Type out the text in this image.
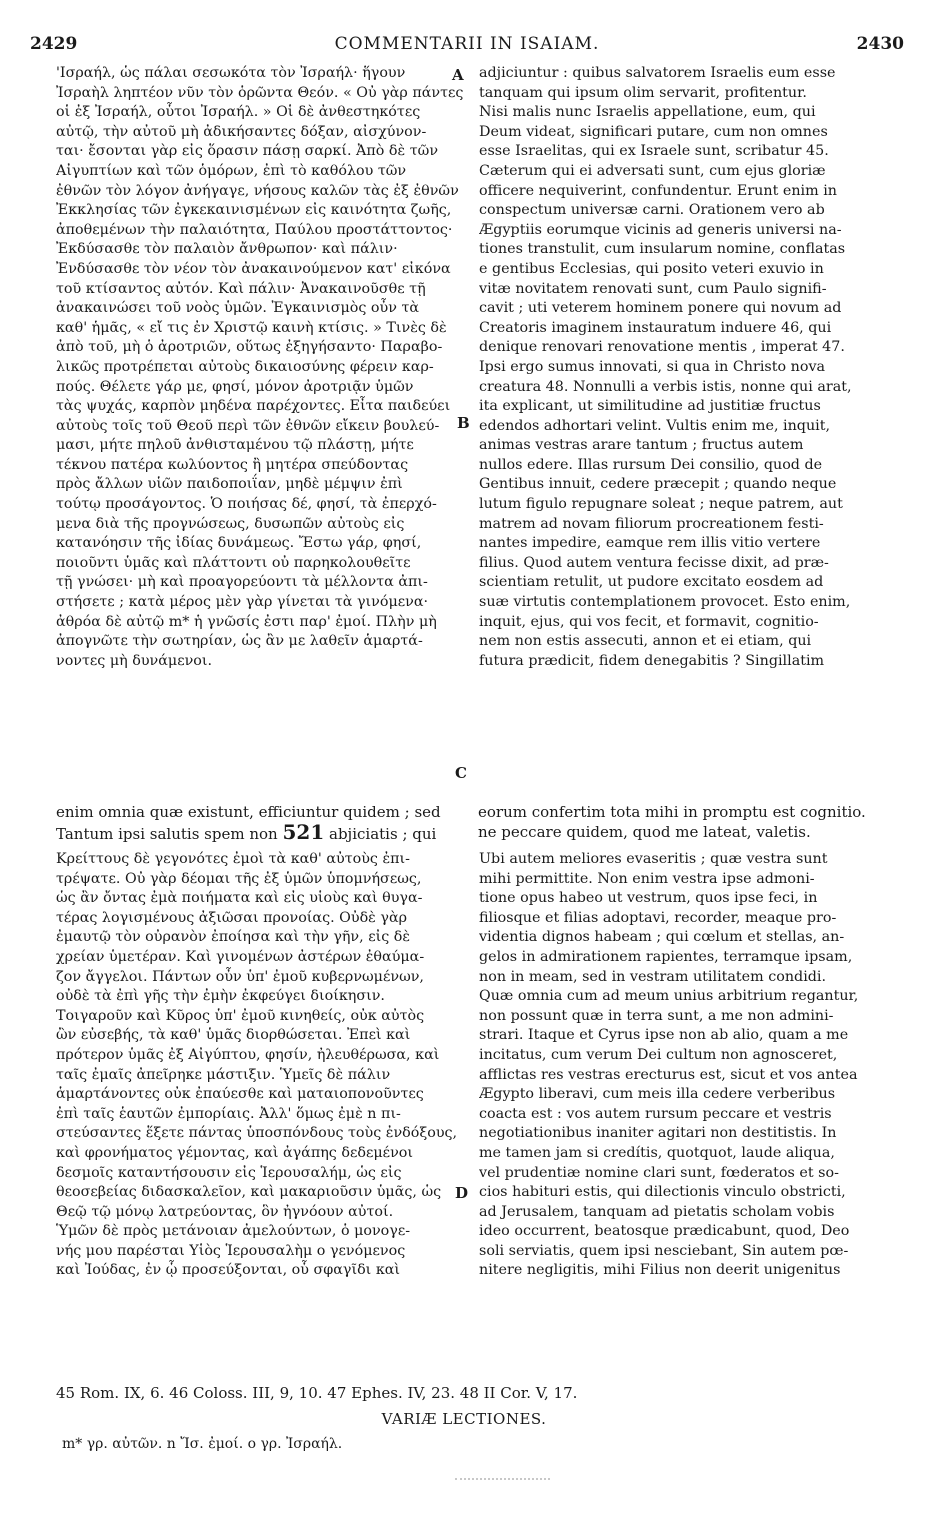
2429	COMMENTARII IN ISAIAM.	2430
'Ισραήλ, ὡς πάλαι σεσωκότα τὸν Ἰσραήλ· ἥγουν
Ἰσραὴλ ληπτέον νῦν τὸν ὁρῶντα Θεόν. « Οὐ γὰρ πάντες
οἱ ἐξ Ἰσραήλ, οὗτοι Ἰσραήλ. » Οἱ δὲ ἀνθεστηκότες
αὐτῷ, τὴν αὐτοῦ μὴ ἀδικήσαντες δόξαν, αἰσχύνον-
ται· ἔσονται γὰρ εἰς ὅρασιν πάσῃ σαρκί. Ἀπὸ δὲ τῶν
Αἰγυπτίων καὶ τῶν ὁμόρων, ἐπὶ τὸ καθόλου τῶν
ἐθνῶν τὸν λόγον ἀνήγαγε, νήσους καλῶν τὰς ἐξ ἐθνῶν
Ἐκκλησίας τῶν ἐγκεκαινισμένων εἰς καινότητα ζωῆς,
ἀποθεμένων τὴν παλαιότητα, Παύλου προστάττοντος·
Ἐκδύσασθε τὸν παλαιὸν ἄνθρωπον· καὶ πάλιν·
Ἐνδύσασθε τὸν νέον τὸν ἀνακαινούμενον κατ' εἰκόνα
τοῦ κτίσαντος αὐτόν. Καὶ πάλιν· Ἀνακαινοῦσθε τῇ
ἀνακαινώσει τοῦ νοὸς ὑμῶν. Ἐγκαινισμὸς οὖν τὰ
καθ' ἡμᾶς, « εἴ τις ἐν Χριστῷ καινὴ κτίσις. » Τινὲς δὲ
ἀπὸ τοῦ, μὴ ὁ ἀροτριῶν, οὕτως ἐξηγήσαντο· Παραβο-
λικῶς προτρέπεται αὐτοὺς δικαιοσύνης φέρειν καρ-
πούς. Θέλετε γάρ με, φησί, μόνον ἀροτριᾷν ὑμῶν
τὰς ψυχάς, καρπὸν μηδένα παρέχοντες. Εἶτα παιδεύει
αὐτοὺς τοῖς τοῦ Θεοῦ περὶ τῶν ἐθνῶν εἴκειν βουλεύ-
μασι, μήτε πηλοῦ ἀνθισταμένου τῷ πλάστῃ, μήτε
τέκνου πατέρα κωλύοντος ἢ μητέρα σπεύδοντας
πρὸς ἄλλων υἱῶν παιδοποιΐαν, μηδὲ μέμψιν ἐπὶ
τούτῳ προσάγοντος. Ὁ ποιήσας δέ, φησί, τὰ ἐπερχό-
μενα διὰ τῆς προγνώσεως, δυσωπῶν αὐτοὺς εἰς
κατανόησιν τῆς ἰδίας δυνάμεως. Ἔστω γάρ, φησί,
ποιοῦντι ὑμᾶς καὶ πλάττοντι οὐ παρηκολουθεῖτε
τῇ γνώσει· μὴ καὶ προαγορεύοντι τὰ μέλλοντα ἀπι-
στήσετε ; κατὰ μέρος μὲν γὰρ γίνεται τὰ γινόμενα·
ἀθρόα δὲ αὐτῷ m* ἡ γνῶσίς ἐστι παρ' ἐμοί. Πλὴν μὴ
ἀπογνῶτε τὴν σωτηρίαν, ὡς ἂν με λαθεῖν ἁμαρτά-
νοντες μὴ δυνάμενοι.
adjiciuntur : quibus salvatorem Israelis eum esse
tanquam qui ipsum olim servarit, profitentur.
Nisi malis nunc Israelis appellatione, eum, qui
Deum videat, significari putare, cum non omnes
esse Israelitas, qui ex Israele sunt, scribatur 45.
Cæterum qui ei adversati sunt, cum ejus gloriæ
officere nequiverint, confundentur. Erunt enim in
conspectum universæ carni. Orationem vero ab
Ægyptiis eorumque vicinis ad generis universi na-
tiones transtulit, cum insularum nomine, conflatas
e gentibus Ecclesias, qui posito veteri exuvio in
vitæ novitatem renovati sunt, cum Paulo signifi-
cavit ; uti veterem hominem ponere qui novum ad
Creatoris imaginem instauratum induere 46, qui
denique renovari renovatione mentis , imperat 47.
Ipsi ergo sumus innovati, si qua in Christo nova
creatura 48. Nonnulli a verbis istis, nonne qui arat,
ita explicant, ut similitudine ad justitiæ fructus
edendos adhortari velint. Vultis enim me, inquit,
animas vestras arare tantum ; fructus autem
nullos edere. Illas rursum Dei consilio, quod de
Gentibus innuit, cedere præcepit ; quando neque
lutum figulo repugnare soleat ; neque patrem, aut
matrem ad novam filiorum procreationem festi-
nantes impedire, eamque rem illis vitio vertere
filius. Quod autem ventura fecisse dixit, ad præ-
scientiam retulit, ut pudore excitato eosdem ad
suæ virtutis contemplationem provocet. Esto enim,
inquit, ejus, qui vos fecit, et formavit, cognitio-
nem non estis assecuti, annon et ei etiam, qui
futura prædicit, fidem denegabitis ? Singillatim
A
B
C
D
enim omnia quæ existunt, efficiuntur quidem ; sed eorum confertim tota mihi in promptu est cognitio.
Tantum ipsi salutis spem non 521 abjiciatis ; qui	ne peccare quidem, quod me lateat, valetis.
Κρείττους δὲ γεγονότες ἐμοὶ τὰ καθ' αὐτοὺς ἐπι-
τρέψατε. Οὐ γὰρ δέομαι τῆς ἐξ ὑμῶν ὑπομνήσεως,
ὡς ἂν ὄντας ἐμὰ ποιήματα καὶ εἰς υἱοὺς καὶ θυγα-
τέρας λογισμένους ἀξιῶσαι προνοίας. Οὐδὲ γὰρ
ἐμαυτῷ τὸν οὐρανὸν ἐποίησα καὶ τὴν γῆν, εἰς δὲ
χρείαν ὑμετέραν. Καὶ γινομένων ἀστέρων ἐθαύμα-
ζον ἄγγελοι. Πάντων οὖν ὑπ' ἐμοῦ κυβερνωμένων,
οὐδὲ τὰ ἐπὶ γῆς τὴν ἐμὴν ἐκφεύγει διοίκησιν.
Τοιγαροῦν καὶ Κῦρος ὑπ' ἐμοῦ κινηθείς, οὐκ αὐτὸς
ὢν εὐσεβής, τὰ καθ' ὑμᾶς διορθώσεται. Ἐπεὶ καὶ
πρότερον ὑμᾶς ἐξ Αἰγύπτου, φησίν, ἠλευθέρωσα, καὶ
ταῖς ἐμαῖς ἀπεῖρηκε μάστιξιν. Ὑμεῖς δὲ πάλιν
ἁμαρτάνοντες οὐκ ἐπαύεσθε καὶ ματαιοπονοῦντες
ἐπὶ ταῖς ἑαυτῶν ἐμπορίαις. Ἀλλ' ὅμως ἐμὲ n πι-
στεύσαντες ἕξετε πάντας ὑποσπόνδους τοὺς ἐνδόξους,
καὶ φρονήματος γέμοντας, καὶ ἀγάπης δεδεμένοι
δεσμοῖς καταντήσουσιν εἰς Ἱερουσαλήμ, ὡς εἰς
θεοσεβείας διδασκαλεῖον, καὶ μακαριοῦσιν ὑμᾶς, ὡς
Θεῷ τῷ μόνῳ λατρεύοντας, ὃν ἠγνόουν αὐτοί.
Ὑμῶν δὲ πρὸς μετάνοιαν ἀμελούντων, ὁ μονογε-
νής μου παρέσται Υἱὸς Ἱερουσαλὴμ o γενόμενος
καὶ Ἰούδας, ἐν ᾧ προσεύξονται, οὗ σφαγῖδι καὶ
Ubi autem meliores evaseritis ; quæ vestra sunt
mihi permittite. Non enim vestra ipse admoni-
tione opus habeo ut vestrum, quos ipse feci, in
filiosque et filias adoptavi, recorder, meaque pro-
videntia dignos habeam ; qui cœlum et stellas, an-
gelos in admirationem rapientes, terramque ipsam,
non in meam, sed in vestram utilitatem condidi.
Quæ omnia cum ad meum unius arbitrium regantur,
non possunt quæ in terra sunt, a me non admini-
strari. Itaque et Cyrus ipse non ab alio, quam a me
incitatus, cum verum Dei cultum non agnosceret,
afflictas res vestras erecturus est, sicut et vos antea
Ægypto liberavi, cum meis illa cedere verberibus
coacta est : vos autem rursum peccare et vestris
negotiationibus inaniter agitari non destitistis. In
me tamen jam si credítis, quotquot, laude aliqua,
vel prudentiæ nomine clari sunt, fœderatos et so-
cios habituri estis, qui dilectionis vinculo obstricti,
ad Jerusalem, tanquam ad pietatis scholam vobis
ideo occurrent, beatosque prædicabunt, quod, Deo
soli serviatis, quem ipsi nesciebant, Sin autem pœ-
nitere negligitis, mihi Filius non deerit unigenitus
45 Rom. IX, 6. 46 Coloss. III, 9, 10. 47 Ephes. IV, 23. 48 II Cor. V, 17.
VARIÆ LECTIONES.
m* γρ. αὐτῶν. n Ἴσ. ἐμοί. o γρ. Ἰσραήλ.
